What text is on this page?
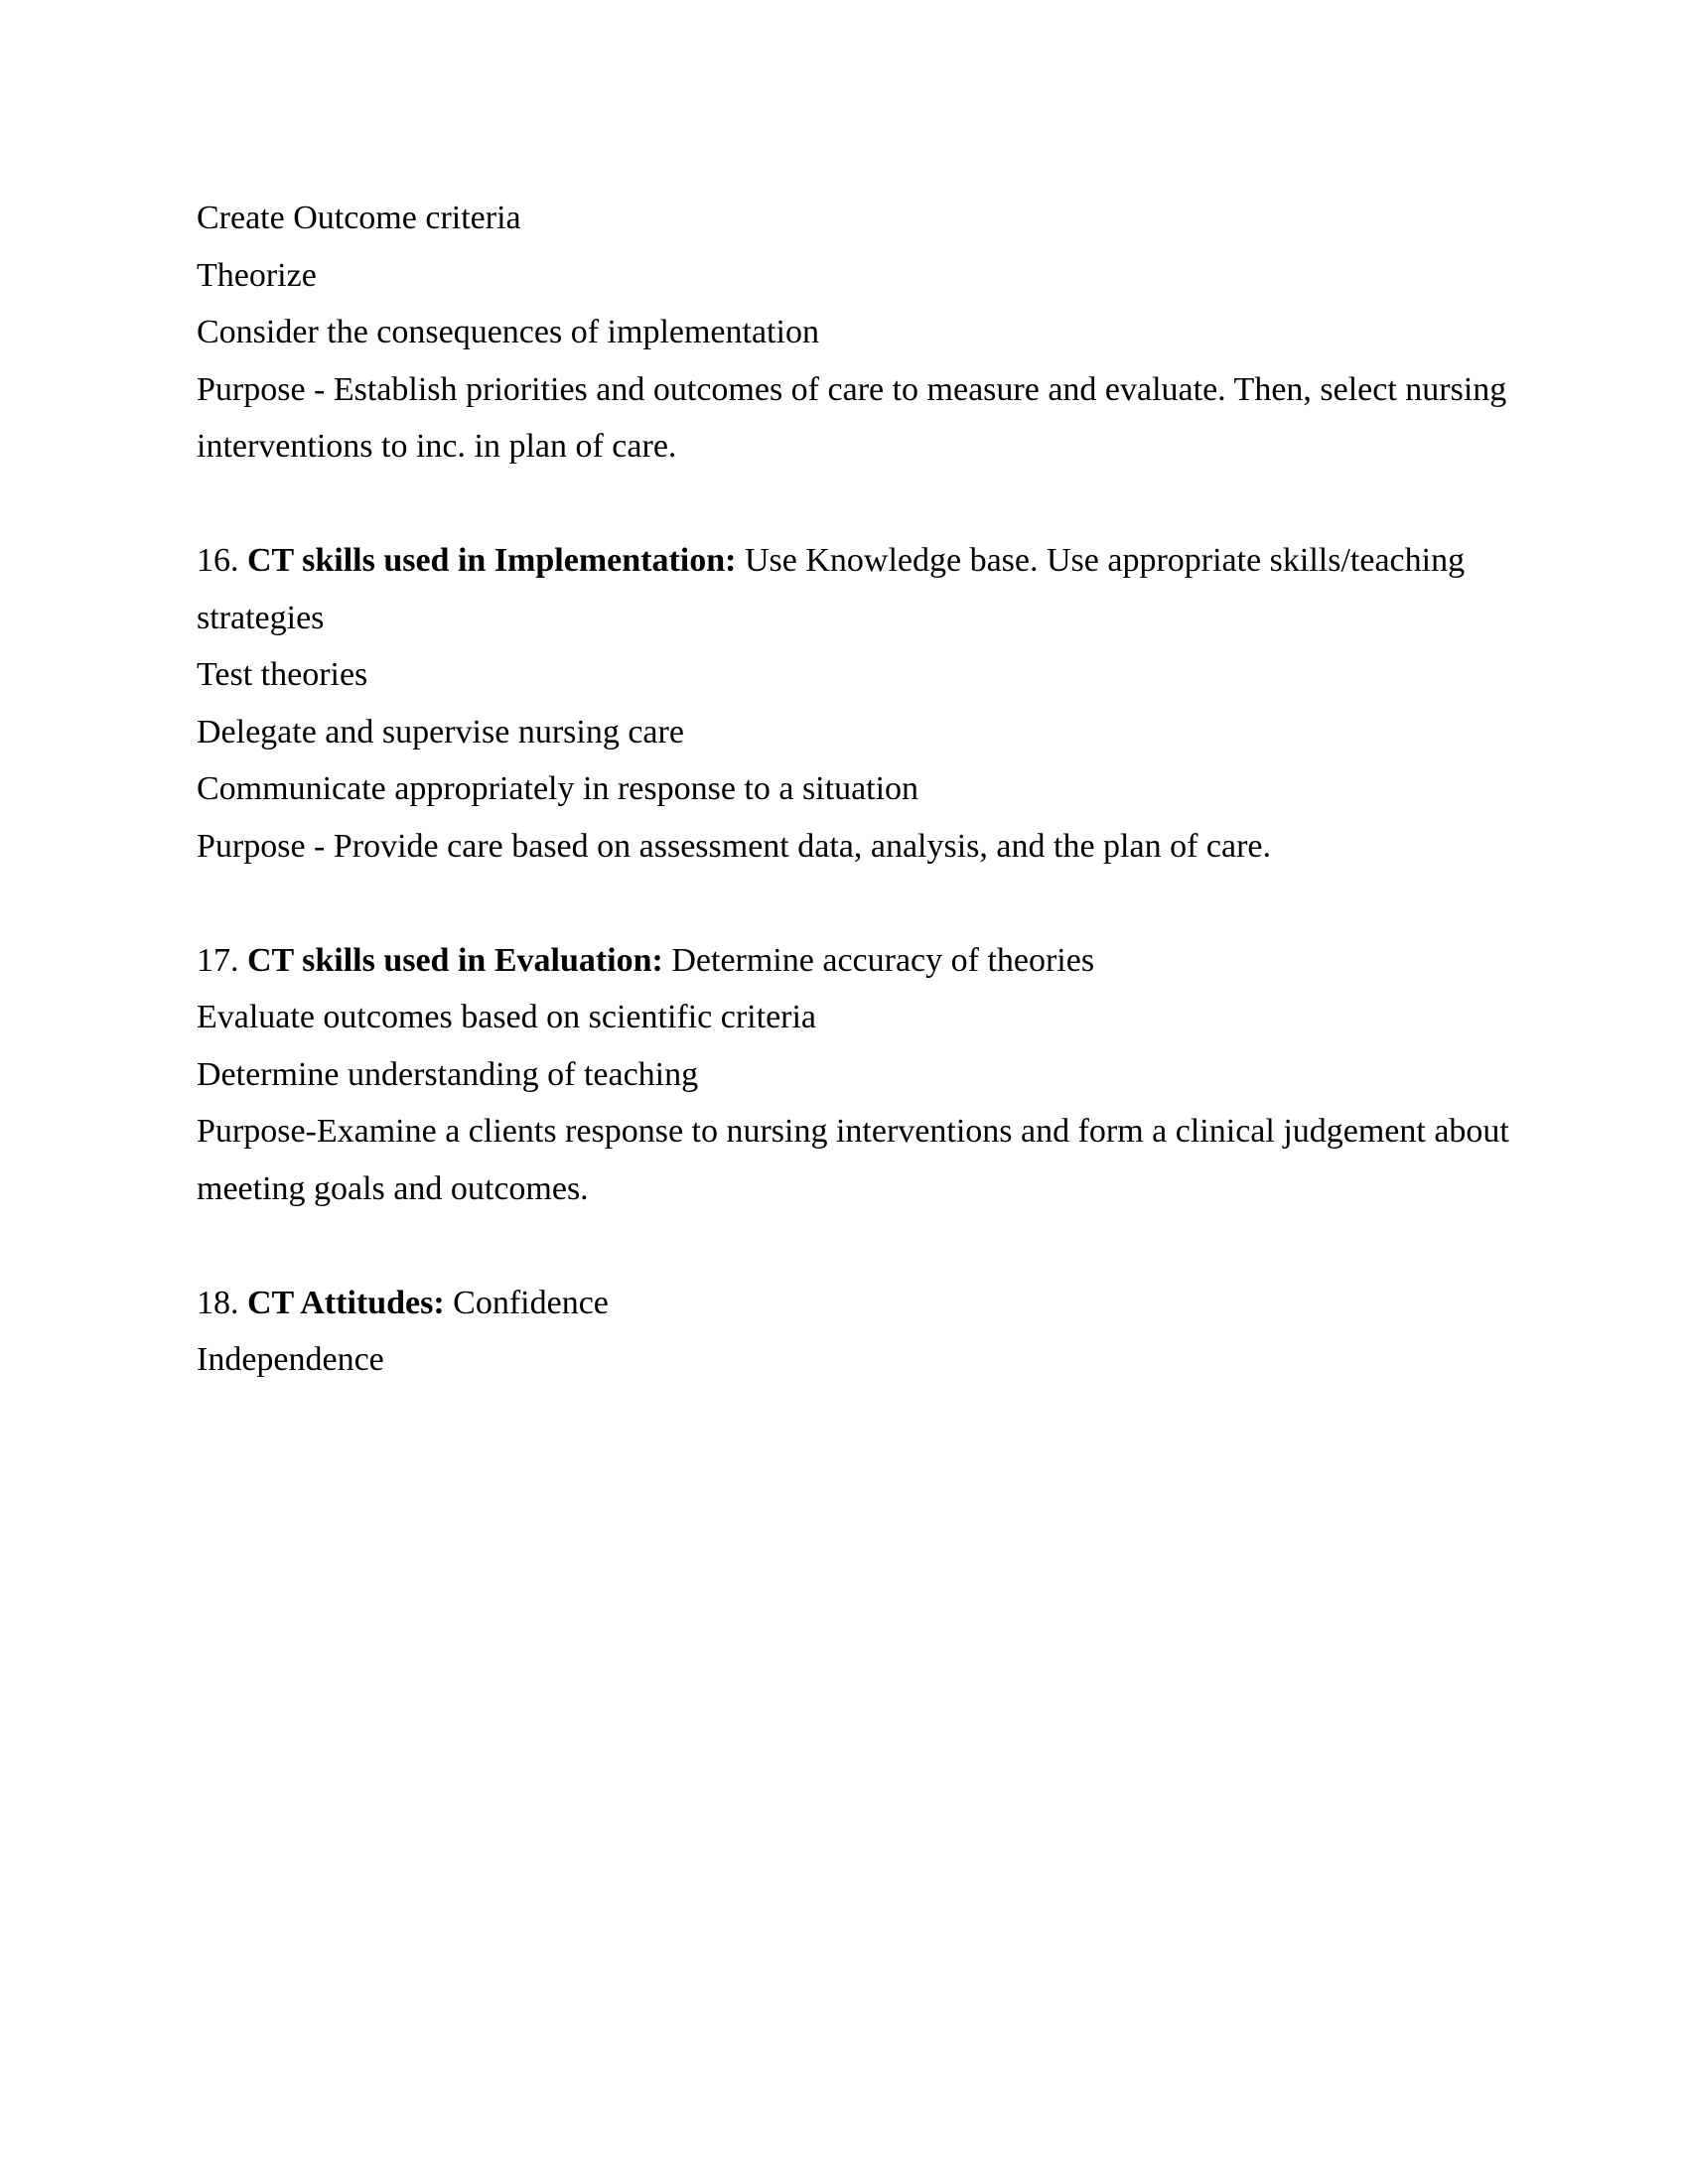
Create Outcome criteria
Theorize
Consider the consequences of implementation
Purpose - Establish priorities and outcomes of care to measure and evaluate. Then, select nursing
interventions to inc. in plan of care.

16. CT skills used in Implementation: Use Knowledge base. Use appropriate skills/teaching
strategies
Test theories
Delegate and supervise nursing care
Communicate appropriately in response to a situation
Purpose - Provide care based on assessment data, analysis, and the plan of care.

17. CT skills used in Evaluation: Determine accuracy of theories
Evaluate outcomes based on scientific criteria
Determine understanding of teaching
Purpose-Examine a clients response to nursing interventions and form a clinical judgement about
meeting goals and outcomes.

18. CT Attitudes: Confidence
Independence
